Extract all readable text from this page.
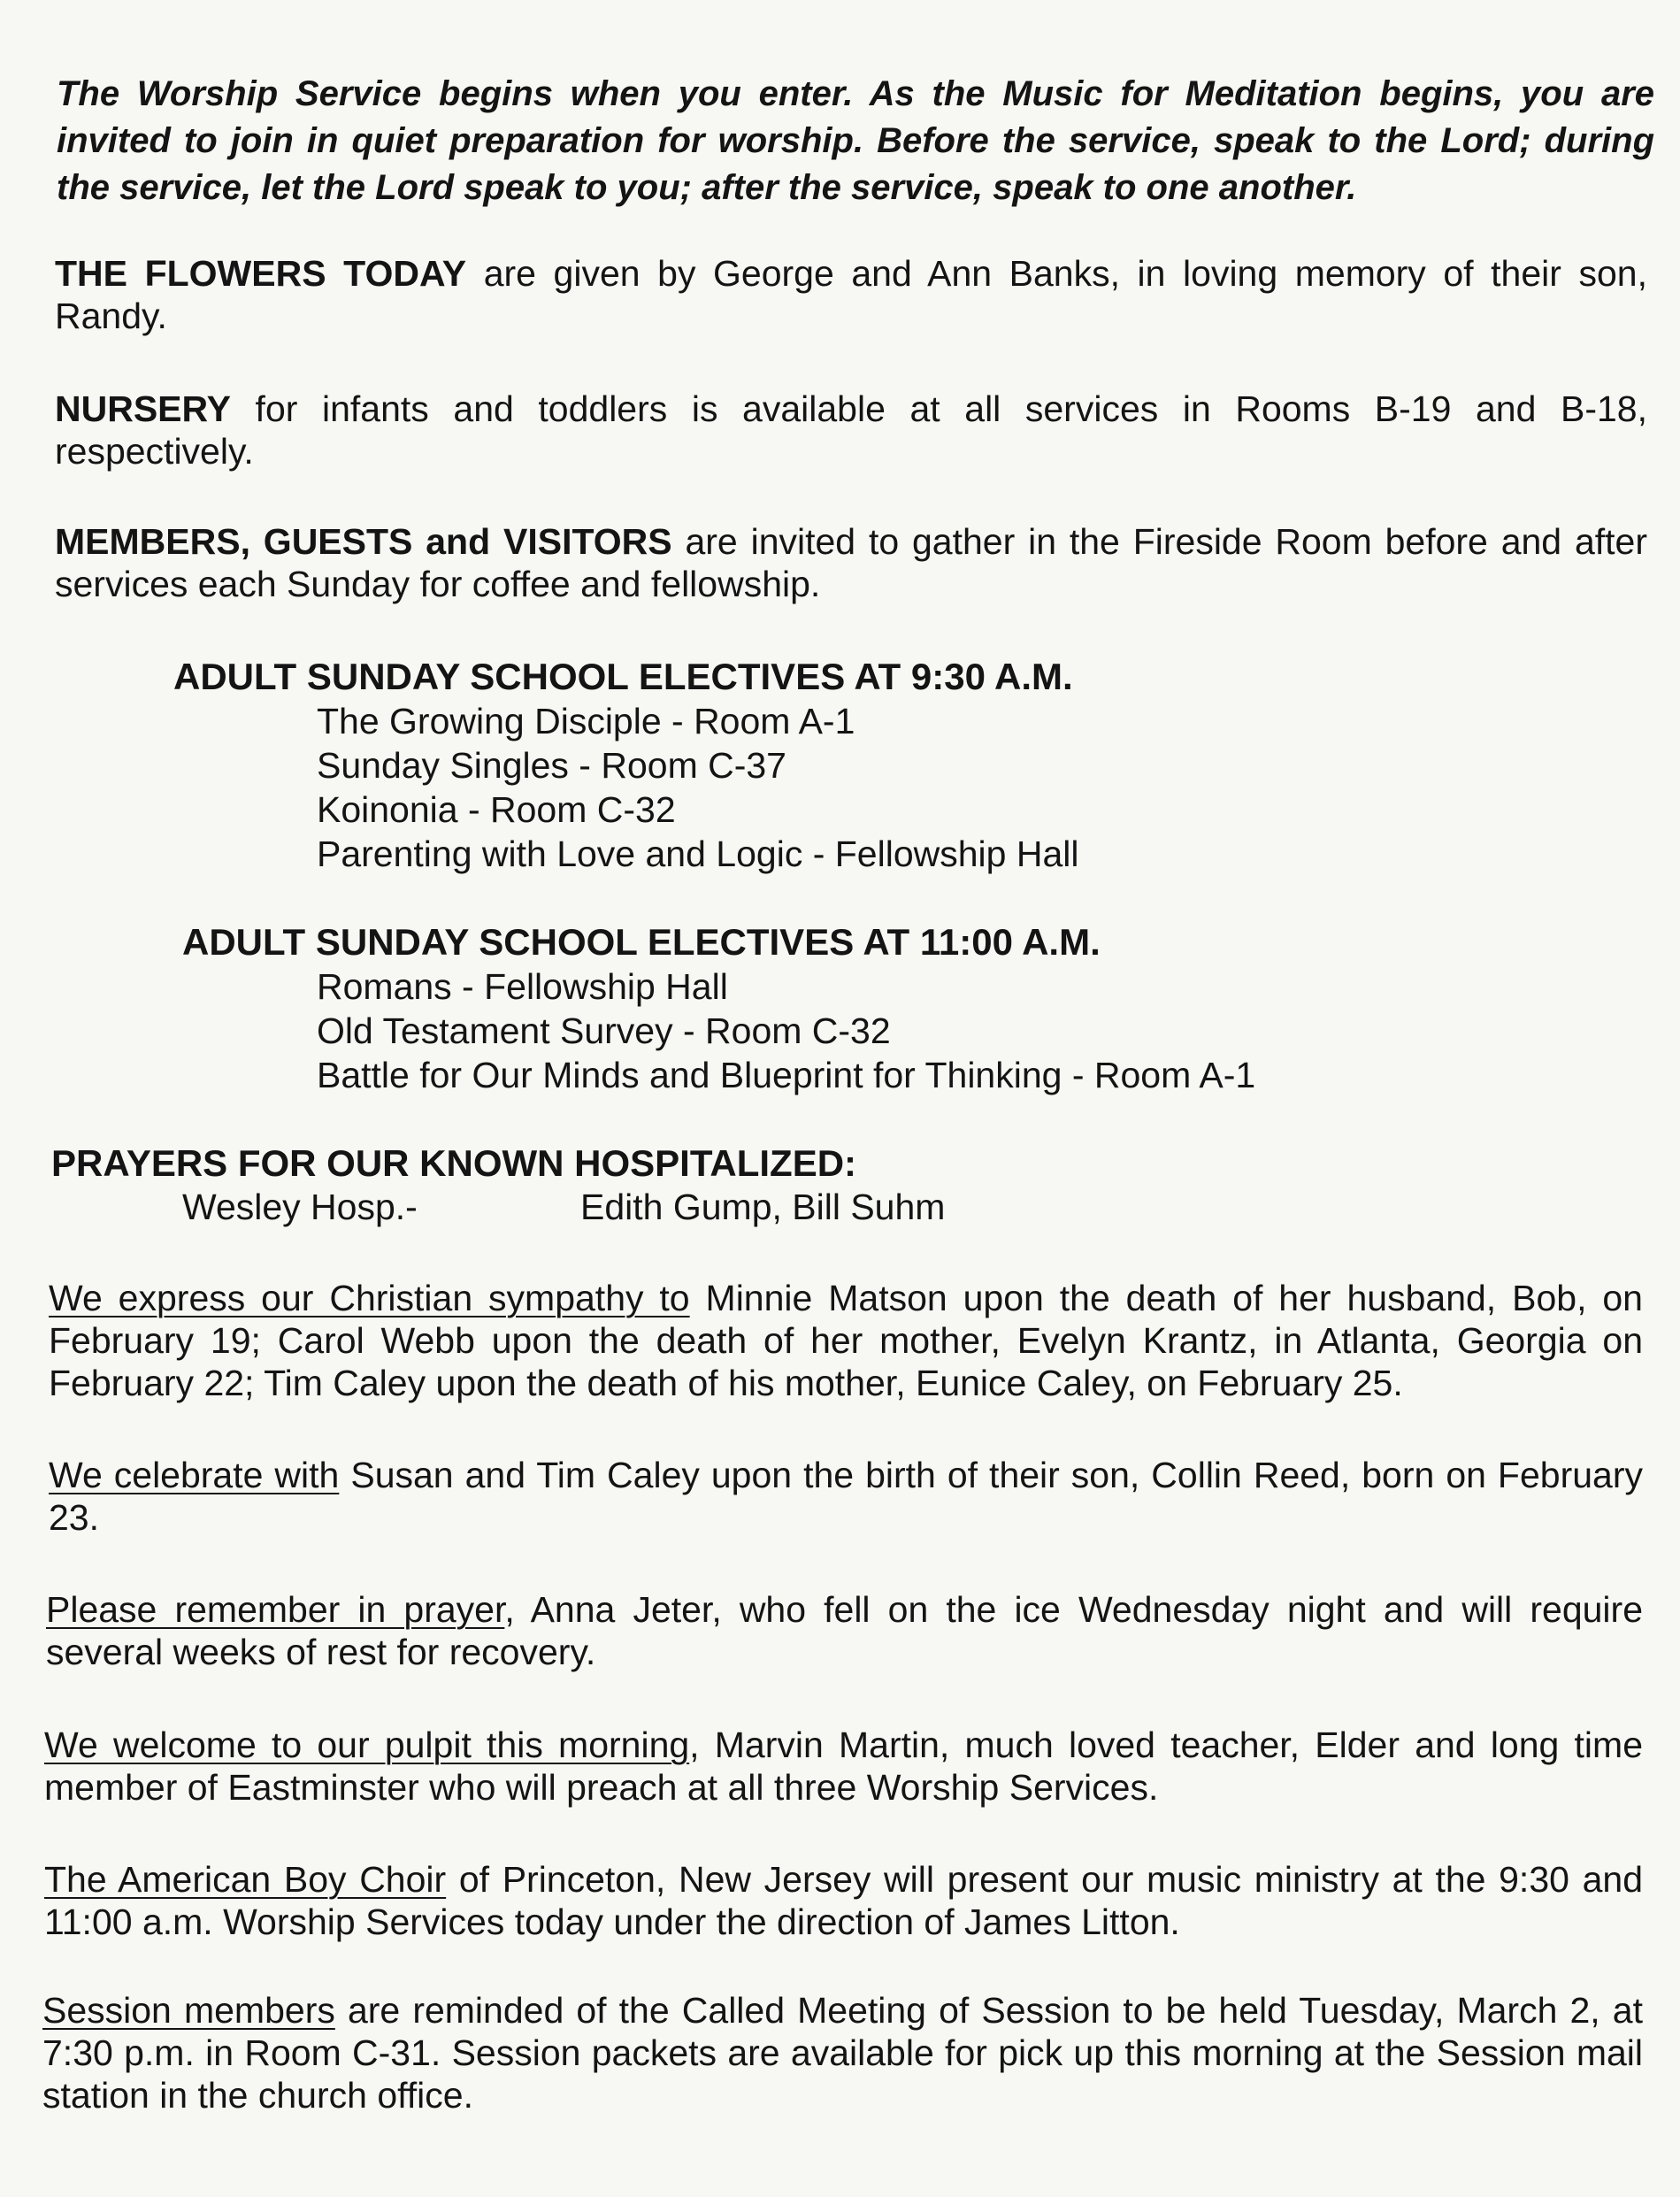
The Worship Service begins when you enter. As the Music for Meditation begins, you are invited to join in quiet preparation for worship. Before the service, speak to the Lord; during the service, let the Lord speak to you; after the service, speak to one another.
THE FLOWERS TODAY are given by George and Ann Banks, in loving memory of their son, Randy.
NURSERY for infants and toddlers is available at all services in Rooms B-19 and B-18, respectively.
MEMBERS, GUESTS and VISITORS are invited to gather in the Fireside Room before and after services each Sunday for coffee and fellowship.
ADULT SUNDAY SCHOOL ELECTIVES AT 9:30 A.M.
The Growing Disciple - Room A-1
Sunday Singles - Room C-37
Koinonia - Room C-32
Parenting with Love and Logic - Fellowship Hall
ADULT SUNDAY SCHOOL ELECTIVES AT 11:00 A.M.
Romans - Fellowship Hall
Old Testament Survey - Room C-32
Battle for Our Minds and Blueprint for Thinking - Room A-1
PRAYERS FOR OUR KNOWN HOSPITALIZED:
Wesley Hosp.-	Edith Gump, Bill Suhm
We express our Christian sympathy to Minnie Matson upon the death of her husband, Bob, on February 19; Carol Webb upon the death of her mother, Evelyn Krantz, in Atlanta, Georgia on February 22; Tim Caley upon the death of his mother, Eunice Caley, on February 25.
We celebrate with Susan and Tim Caley upon the birth of their son, Collin Reed, born on February 23.
Please remember in prayer, Anna Jeter, who fell on the ice Wednesday night and will require several weeks of rest for recovery.
We welcome to our pulpit this morning, Marvin Martin, much loved teacher, Elder and long time member of Eastminster who will preach at all three Worship Services.
The American Boy Choir of Princeton, New Jersey will present our music ministry at the 9:30 and 11:00 a.m. Worship Services today under the direction of James Litton.
Session members are reminded of the Called Meeting of Session to be held Tuesday, March 2, at 7:30 p.m. in Room C-31. Session packets are available for pick up this morning at the Session mail station in the church office.
